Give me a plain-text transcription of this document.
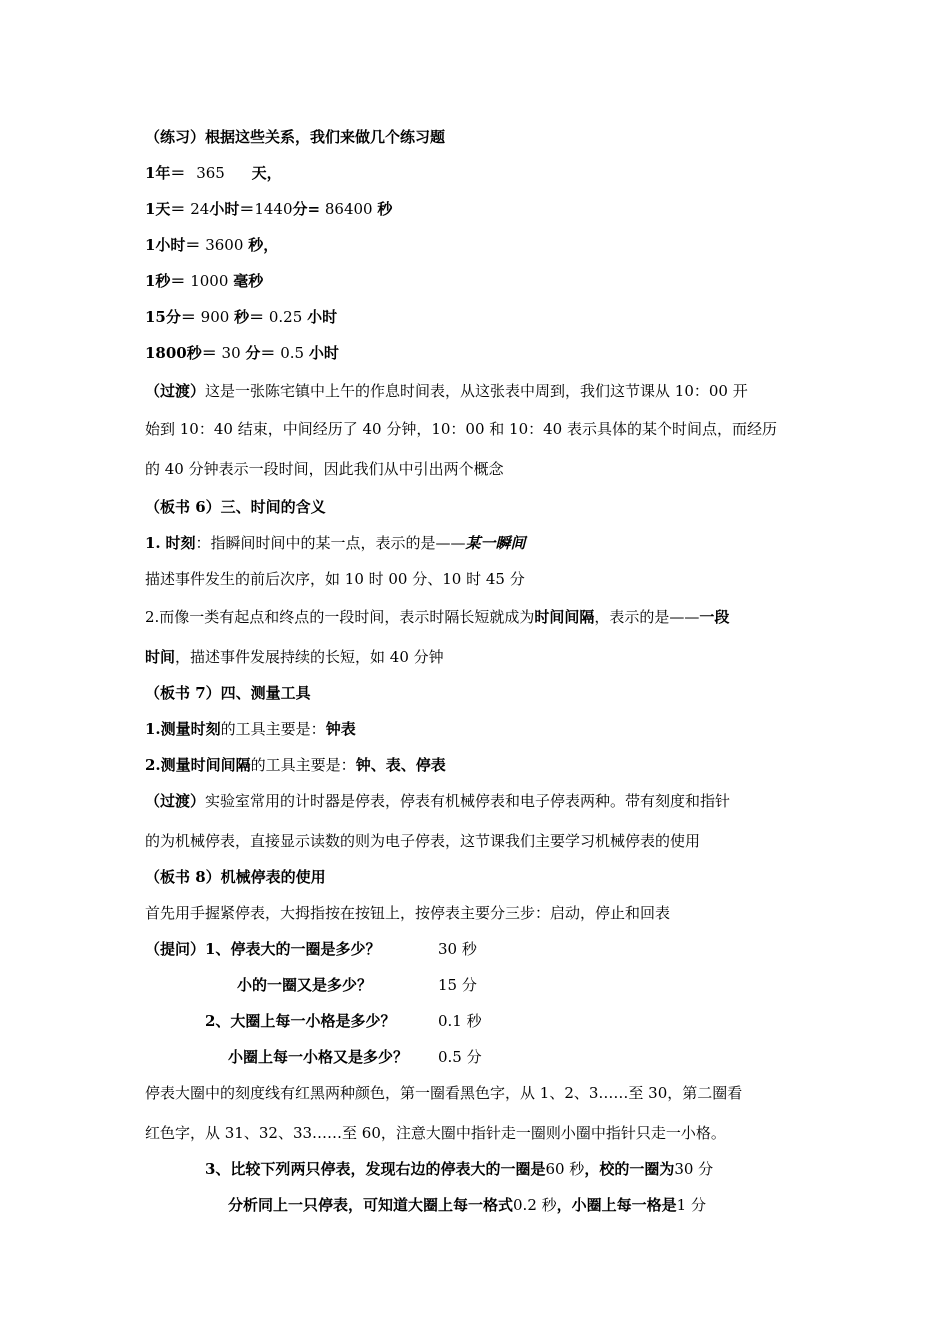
（练习）根据这些关系，我们来做几个练习题
1年＝ 365 天，
1天＝ 24小时＝1440分= 86400 秒
1小时＝ 3600 秒，
1秒＝ 1000 毫秒
15分＝ 900 秒＝ 0.25 小时
1800秒＝ 30 分＝ 0.5 小时
（过渡）这是一张陈宅镇中上午的作息时间表，从这张表中周到，我们这节课从 10：00 开
始到 10：40 结束，中间经历了 40 分钟，10：00 和 10：40 表示具体的某个时间点，而经历
的 40 分钟表示一段时间，因此我们从中引出两个概念
（板书 6）三、时间的含义
1. 时刻：指瞬间时间中的某一点，表示的是——某一瞬间
描述事件发生的前后次序，如 10 时 00 分、10 时 45 分
2.而像一类有起点和终点的一段时间，表示时隔长短就成为时间间隔，表示的是——一段
时间，描述事件发展持续的长短，如 40 分钟
（板书 7）四、测量工具
1.测量时刻的工具主要是：钟表
2.测量时间间隔的工具主要是：钟、表、停表
（过渡）实验室常用的计时器是停表，停表有机械停表和电子停表两种。带有刻度和指针
的为机械停表，直接显示读数的则为电子停表，这节课我们主要学习机械停表的使用
（板书 8）机械停表的使用
首先用手握紧停表，大拇指按在按钮上，按停表主要分三步：启动，停止和回表
（提问）1、停表大的一圈是多少？	30 秒
小的一圈又是多少？	15 分
2、大圈上每一小格是多少？	0.1 秒
小圈上每一小格又是多少？ 0.5 分
停表大圈中的刻度线有红黑两种颜色，第一圈看黑色字，从 1、2、3……至 30，第二圈看
红色字，从 31、32、33……至 60，注意大圈中指针走一圈则小圈中指针只走一小格。
3、比较下列两只停表，发现右边的停表大的一圈是60 秒，校的一圈为30 分
分析同上一只停表，可知道大圈上每一格式0.2 秒，小圈上每一格是1 分
